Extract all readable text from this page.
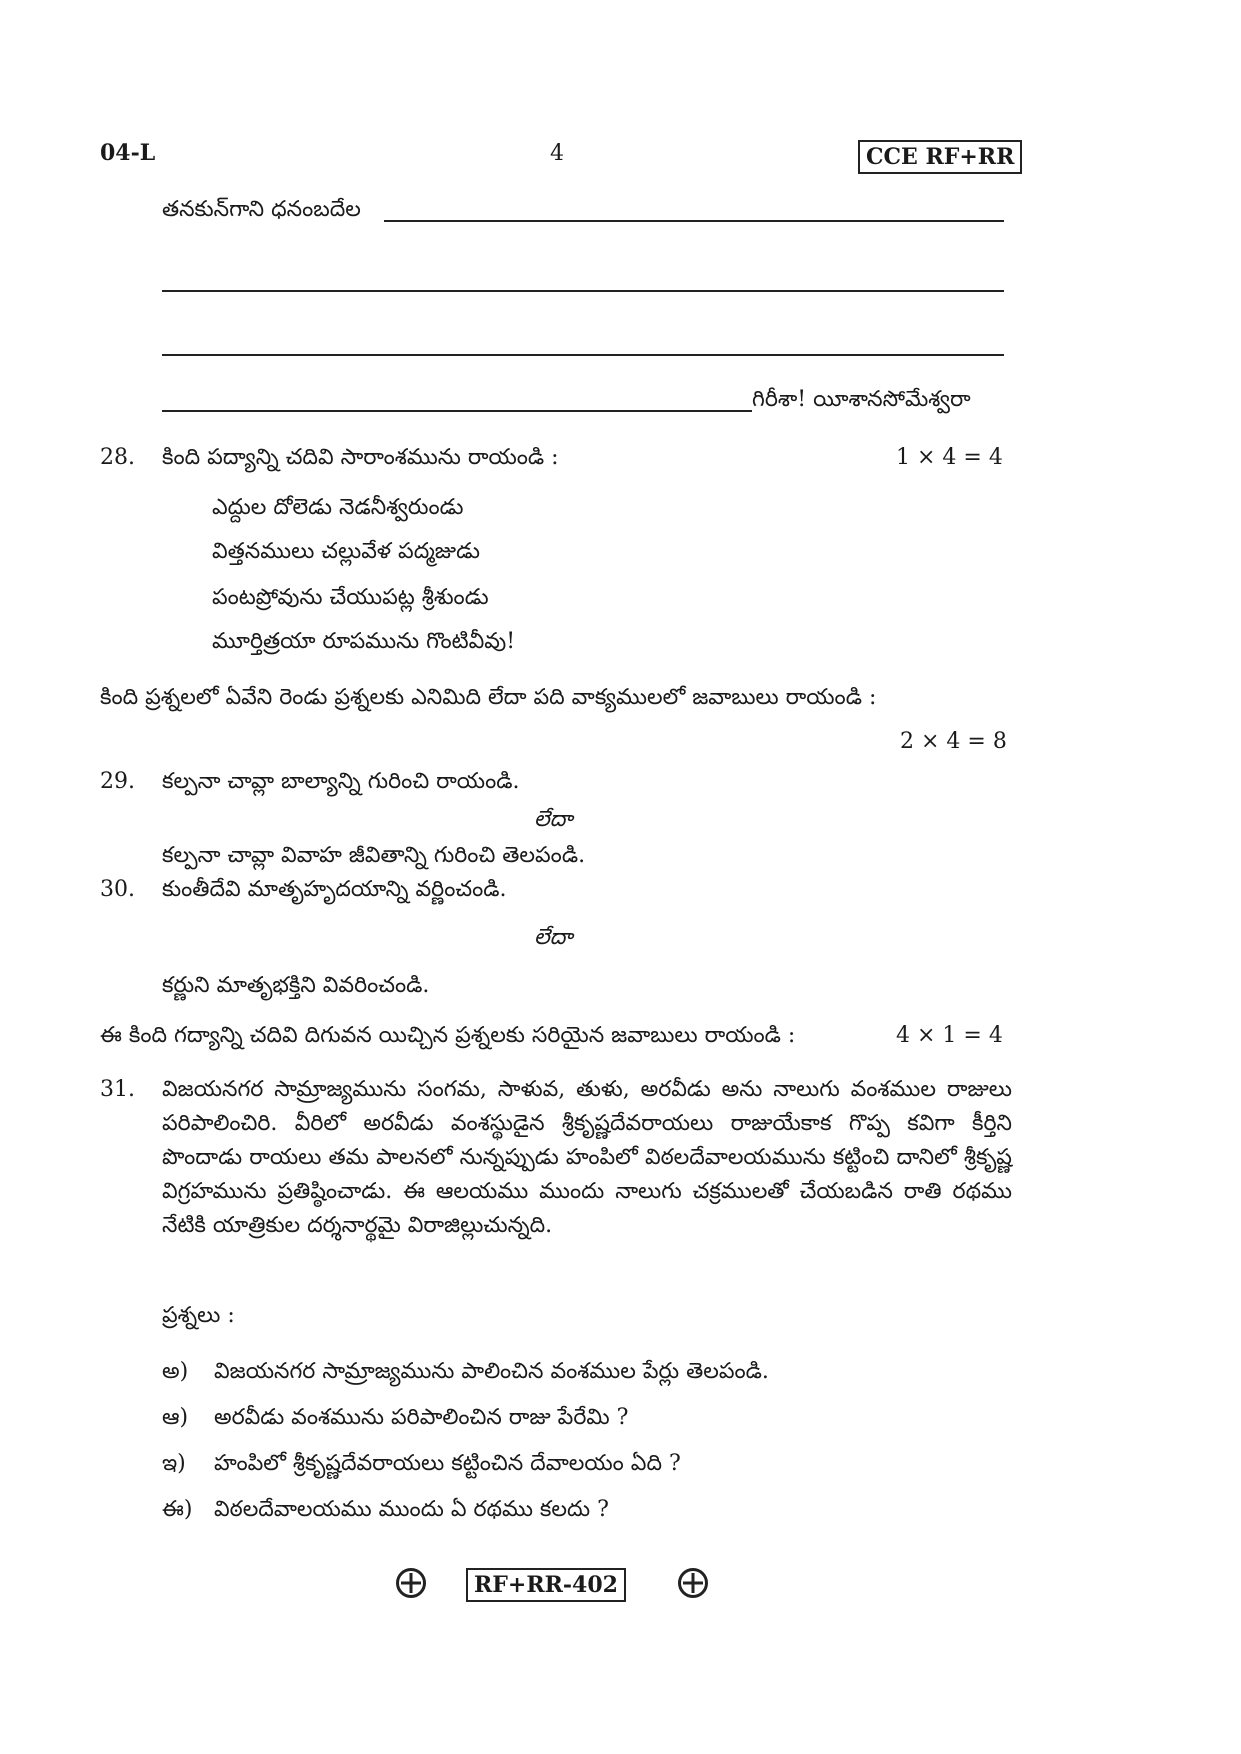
04-L	4	CCE RF+RR
తనకున్‌గాని ధనంబదేల
గిరీశా! యీశానసోమేశ్వరా
28. కింది పద్యాన్ని చదివి సారాంశమును రాయండి :	1 × 4 = 4
ఎద్దుల దోలెడు నెడనీశ్వరుండు
విత్తనములు చల్లువేళ పద్మజుడు
పంటప్రోవును చేయుపట్ల శ్రీశుండు
మూర్తిత్రయా రూపమును గొంటివీవు!
కింది ప్రశ్నలలో ఏవేని రెండు ప్రశ్నలకు ఎనిమిది లేదా పది వాక్యములలో జవాబులు రాయండి :
2 × 4 = 8
29. కల్పనా చావ్లా బాల్యాన్ని గురించి రాయండి.
లేదా
కల్పనా చావ్లా వివాహ జీవితాన్ని గురించి తెలపండి.
30. కుంతీదేవి మాతృహృదయాన్ని వర్ణించండి.
లేదా
కర్ణుని మాతృభక్తిని వివరించండి.
ఈ కింది గద్యాన్ని చదివి దిగువన యిచ్చిన ప్రశ్నలకు సరియైన జవాబులు రాయండి :	4 × 1 = 4
31. విజయనగర సామ్రాజ్యమును సంగమ, సాళువ, తుళు, అరవీడు అను నాలుగు వంశముల రాజులు పరిపాలించిరి. వీరిలో అరవీడు వంశస్థుడైన శ్రీకృష్ణదేవరాయలు రాజుయేకాక గొప్ప కవిగా కీర్తిని పొందాడు రాయలు తమ పాలనలో నున్నప్పుడు హంపిలో విఠలదేవాలయమును కట్టించి దానిలో శ్రీకృష్ణ విగ్రహమును ప్రతిష్ఠించాడు. ఈ ఆలయము ముందు నాలుగు చక్రములతో చేయబడిన రాతి రథము నేటికి యాత్రికుల దర్శనార్థమై విరాజిల్లుచున్నది.
ప్రశ్నలు :
అ) విజయనగర సామ్రాజ్యమును పాలించిన వంశముల పేర్లు తెలపండి.
ఆ) అరవీడు వంశమును పరిపాలించిన రాజు పేరేమి ?
ఇ) హంపిలో శ్రీకృష్ణదేవరాయలు కట్టించిన దేవాలయం ఏది ?
ఈ) విఠలదేవాలయము ముందు ఏ రథము కలదు ?
RF+RR-402
